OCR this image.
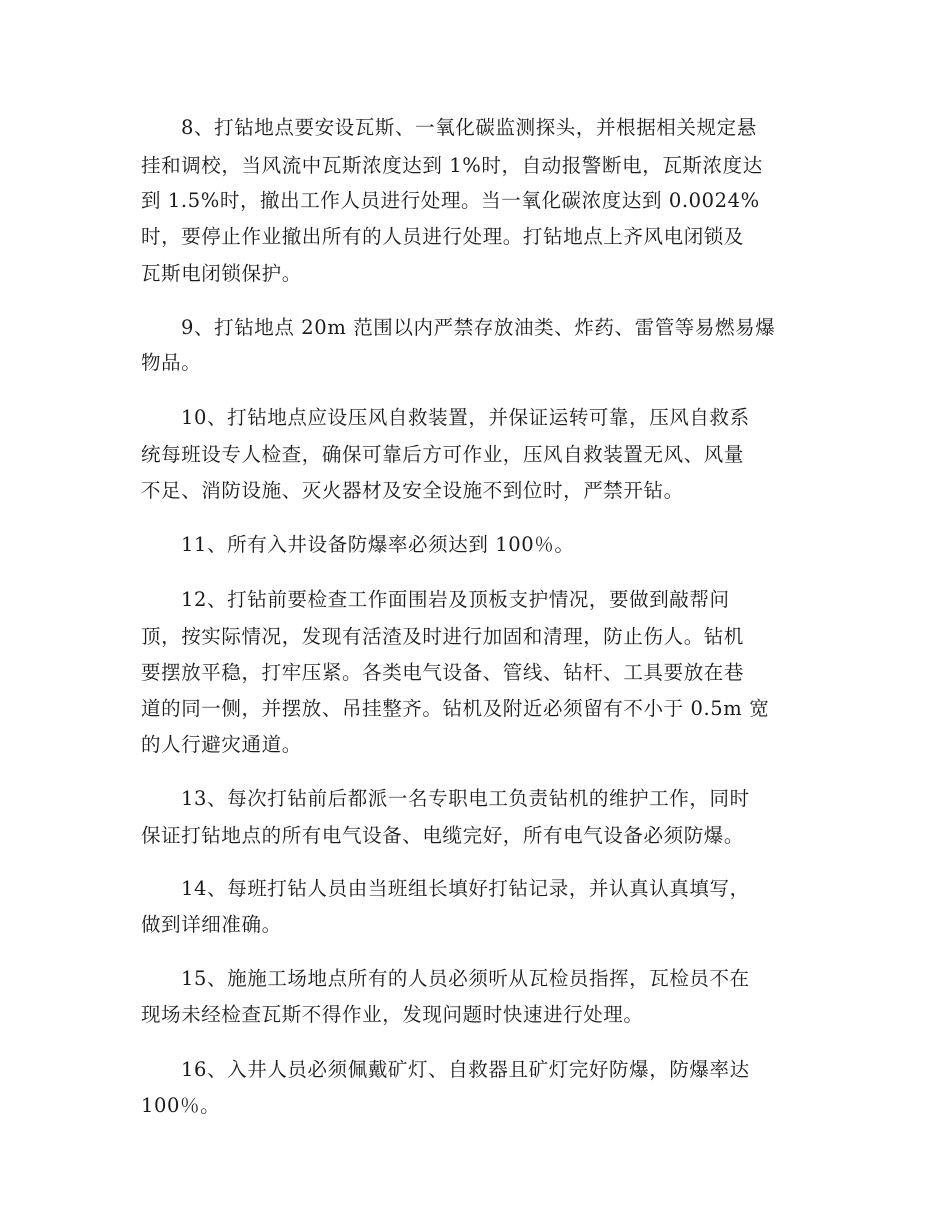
8、打钻地点要安设瓦斯、一氧化碳监测探头，并根据相关规定悬
挂和调校，当风流中瓦斯浓度达到 1%时，自动报警断电，瓦斯浓度达
到 1.5%时，撤出工作人员进行处理。当一氧化碳浓度达到 0.0024%
时，要停止作业撤出所有的人员进行处理。打钻地点上齐风电闭锁及
瓦斯电闭锁保护。
9、打钻地点 20m 范围以内严禁存放油类、炸药、雷管等易燃易爆
物品。
10、打钻地点应设压风自救装置，并保证运转可靠，压风自救系
统每班设专人检查，确保可靠后方可作业，压风自救装置无风、风量
不足、消防设施、灭火器材及安全设施不到位时，严禁开钻。
11、所有入井设备防爆率必须达到 100％。
12、打钻前要检查工作面围岩及顶板支护情况，要做到敲帮问
顶，按实际情况，发现有活渣及时进行加固和清理，防止伤人。钻机
要摆放平稳，打牢压紧。各类电气设备、管线、钻杆、工具要放在巷
道的同一侧，并摆放、吊挂整齐。钻机及附近必须留有不小于 0.5m 宽
的人行避灾通道。
13、每次打钻前后都派一名专职电工负责钻机的维护工作，同时
保证打钻地点的所有电气设备、电缆完好，所有电气设备必须防爆。
14、每班打钻人员由当班组长填好打钻记录，并认真认真填写，
做到详细准确。
15、施施工场地点所有的人员必须听从瓦检员指挥，瓦检员不在
现场未经检查瓦斯不得作业，发现问题时快速进行处理。
16、入井人员必须佩戴矿灯、自救器且矿灯完好防爆，防爆率达
100％。
